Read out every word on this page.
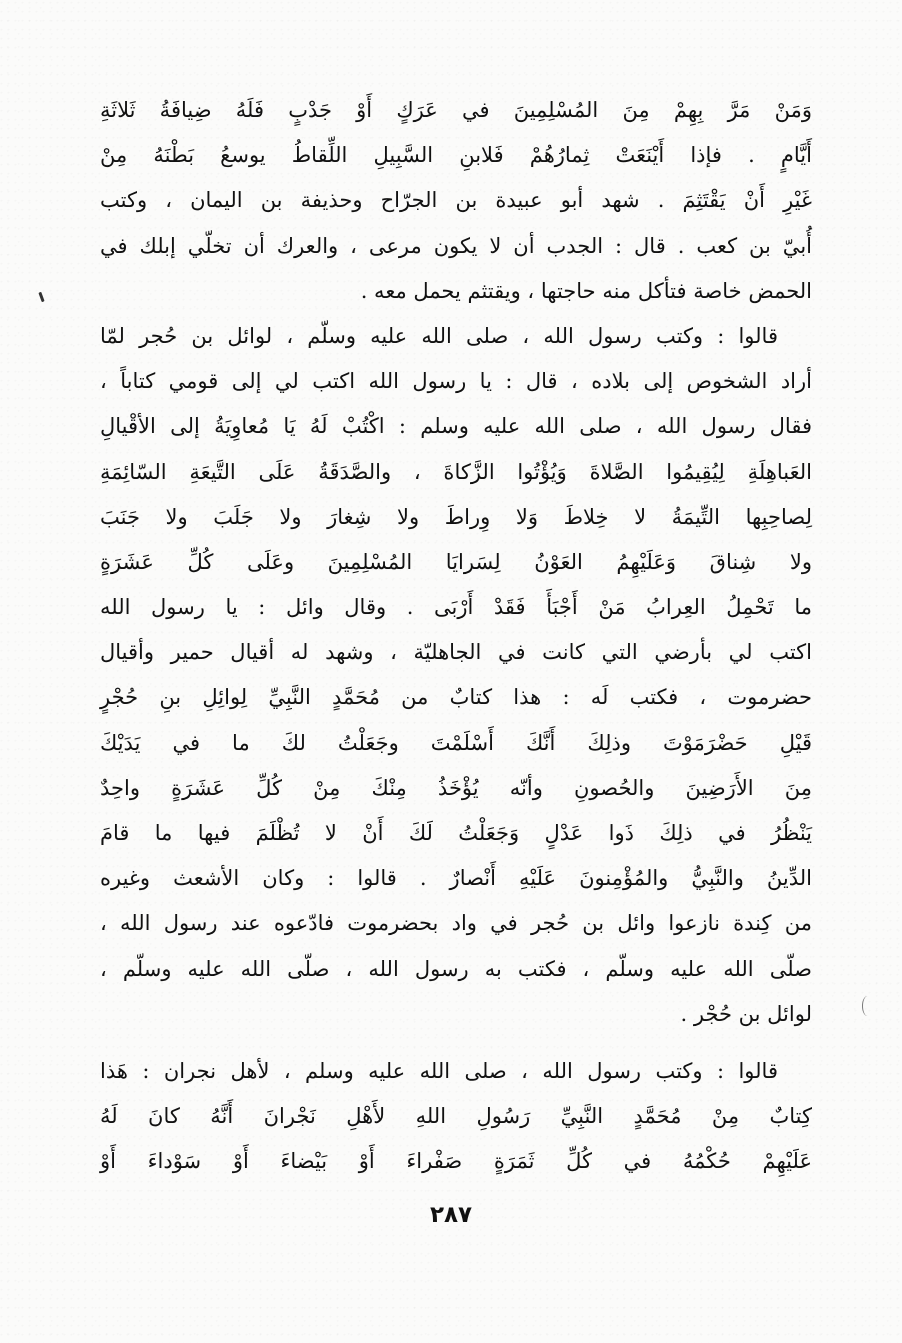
وَمَنْ مَرَّ بِهِمْ مِنَ المُسْلِمِينَ في عَرَكٍ أَوْ جَدْبٍ فَلَهُ ضِيافَةُ ثَلاثَةِ
أَيَّامٍ . فإذا أَيْنَعَتْ ثِمارُهُمْ فَلابنِ السَّبِيلِ اللِّقاطُ يوسعُ بَطْنَهُ مِنْ
غَيْرِ أَنْ يَقْتَثِمَ . شهد أبو عبيدة بن الجرّاح وحذيفة بن اليمان ، وكتب
أُبيّ بن كعب . قال : الجدب أن لا يكون مرعى ، والعرك أن تخلّي إبلك في
الحمض خاصة فتأكل منه حاجتها ، ويقتثم يحمل معه .
قالوا : وكتب رسول الله ، صلى الله عليه وسلّم ، لوائل بن حُجر لمّا
أراد الشخوص إلى بلاده ، قال : يا رسول الله اكتب لي إلى قومي كتاباً ،
فقال رسول الله ، صلى الله عليه وسلم : اكْتُبْ لَهُ يَا مُعاوِيَةُ إلى الأقْيالِ
العَباهِلَةِ لِيُقِيمُوا الصَّلاةَ وَيُؤْتُوا الزَّكاةَ ، والصَّدَقَةُ عَلَى التَّيعَةِ السّائِمَةِ
لِصاحِبِها التِّيمَةُ لا خِلاطَ وَلا وِراطَ ولا شِغارَ ولا جَلَبَ ولا جَنَبَ
ولا شِناقَ وَعَلَيْهِمُ العَوْنُ لِسَرايَا المُسْلِمِينَ وعَلَى كُلِّ عَشَرَةٍ
ما تَحْمِلُ العِرابُ مَنْ أَجْبَأَ فَقَدْ أَرْبَى . وقال وائل : يا رسول الله
اكتب لي بأرضي التي كانت في الجاهليّة ، وشهد له أقيال حمير وأقيال
حضرموت ، فكتب لَه : هذا كتابٌ من مُحَمَّدٍ النَّبِيِّ لِوائِلِ بنِ حُجْرٍ
قَيْلِ حَضْرَمَوْتَ وذلِكَ أَنَّكَ أَسْلَمْتَ وجَعَلْتُ لكَ ما في يَدَيْكَ
مِنَ الأَرَضِينَ والحُصونِ وأنّه يُؤْخَذُ مِنْكَ مِنْ كُلِّ عَشَرَةٍ واحِدٌ
يَنْظُرُ في ذلِكَ ذَوا عَدْلٍ وَجَعَلْتُ لَكَ أَنْ لا تُظْلَمَ فيها ما قامَ
الدِّينُ والنَّبِيُّ والمُؤْمِنونَ عَلَيْهِ أَنْصارٌ . قالوا : وكان الأشعث وغيره
من كِندة نازعوا وائل بن حُجر في واد بحضرموت فادّعوه عند رسول الله ،
صلّى الله عليه وسلّم ، فكتب به رسول الله ، صلّى الله عليه وسلّم ،
لوائل بن حُجْر .
قالوا : وكتب رسول الله ، صلى الله عليه وسلم ، لأهل نجران : هَذا
كِتابٌ مِنْ مُحَمَّدٍ النَّبِيِّ رَسُولِ اللهِ لأَهْلِ نَجْرانَ أَنَّهُ كانَ لَهُ
عَلَيْهِمْ حُكْمُهُ في كُلِّ ثَمَرَةٍ صَفْراءَ أَوْ بَيْضاءَ أَوْ سَوْداءَ أَوْ
٢٨٧
